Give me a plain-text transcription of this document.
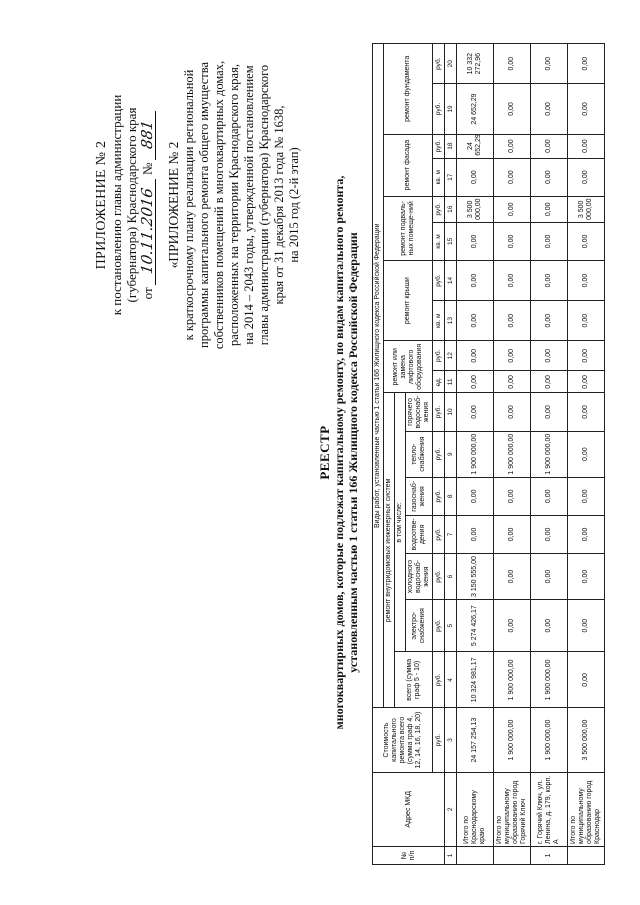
ПРИЛОЖЕНИЕ № 2 к постановлению главы администрации (губернатора) Краснодарского края от 10.11.2016 № 881
«ПРИЛОЖЕНИЕ № 2 к краткосрочному плану реализации региональной программы капитального ремонта общего имущества собственников помещений в многоквартирных домах, расположенных на территории Краснодарского края, на 2014 – 2043 годы, утвержденной постановлением главы администрации (губернатора) Краснодарского края от 31 декабря 2013 года № 1638, на 2015 год (2-й этап)
РЕЕСТР многоквартирных домов, которые подлежат капитальному ремонту, по видам капитального ремонта, установленным частью 1 статьи 166 Жилищного кодекса Российской Федерации
№ п/п	Адрес МКД	Стоимость капитального ремонта всего (сумма граф 4, 12, 14, 16, 18, 20)	Виды работ, установленные частью 1 статьи 166 Жилищного кодекса Российской Федерации																
			ремонт внутридомовых инженерных систем							ремонт или замена лифтового оборудования		ремонт крыши		ремонт подваль-ных помеще-ний		ремонт фасада		ремонт фундамента	
			всего (сумма граф 5 - 10)	в том числе:															
				электро-снабжения	холодного водоснаб-жения	водоотве-дения	газоснаб-жения	тепло-снабжения	горячего водоснаб-жения										
		руб.	руб.	руб.	руб.	руб.	руб.	руб.	руб.	ед.	руб.	кв. м	руб.	кв. м	руб.	кв. м	руб.	руб.	руб.
1	2	3	4	5	6	7	8	9	10	11	12	13	14	15	16	17	18	19	20
	Итого по Краснодарскому краю	24 157 254,13	10 324 981,17	5 274 426,17	3 150 555,00	0,00	0,00	1 900 000,00	0,00	0,00	0,00	0,00	0,00	0,00	3 500 000,00	0,00	24 652,29	24 652,29	10 332 272,96
	Итого по муниципальному образованию город Горячий Ключ	1 900 000,00	1 900 000,00	0,00	0,00	0,00	0,00	1 900 000,00	0,00	0,00	0,00	0,00	0,00	0,00	0,00	0,00	0,00	0,00	0,00
1	г. Горячий Ключ, ул. Ленина, д. 179, корп. А	1 900 000,00	1 900 000,00	0,00	0,00	0,00	0,00	1 900 000,00	0,00	0,00	0,00	0,00	0,00	0,00	0,00	0,00	0,00	0,00	0,00
	Итого по муниципальному образованию город Краснодар	3 500 000,00	0,00	0,00	0,00	0,00	0,00	0,00	0,00	0,00	0,00	0,00	0,00	0,00	3 500 000,00	0,00	0,00	0,00	0,00
